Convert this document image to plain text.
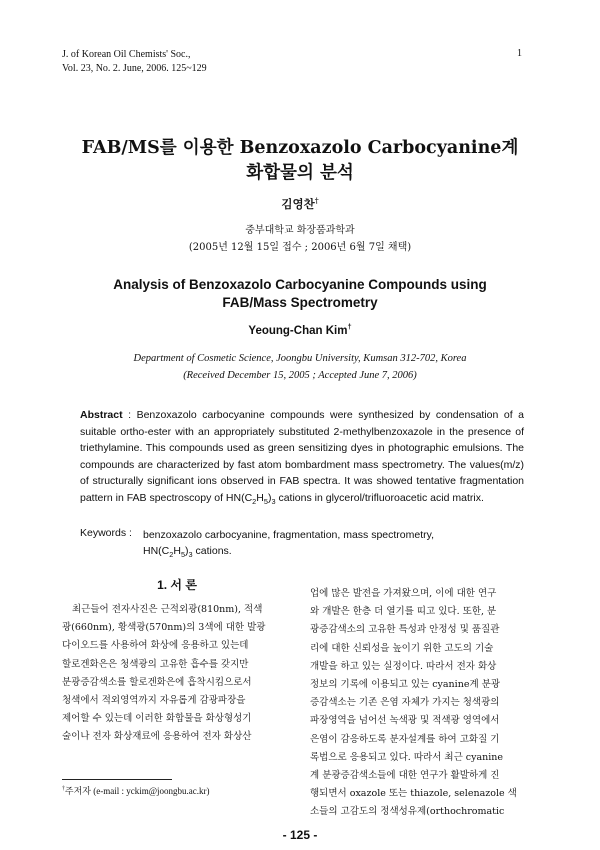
J. of Korean Oil Chemists' Soc.,
Vol. 23, No. 2. June, 2006. 125~129
1
FAB/MS를 이용한 Benzoxazolo Carbocyanine계
화합물의 분석
김영찬†
중부대학교 화장품과학과
(2005년 12월 15일 접수 ; 2006년 6월 7일 채택)
Analysis of Benzoxazolo Carbocyanine Compounds using
FAB/Mass Spectrometry
Yeoung-Chan Kim†
Department of Cosmetic Science, Joongbu University, Kumsan 312-702, Korea
(Received December 15, 2005 ; Accepted June 7, 2006)
Abstract : Benzoxazolo carbocyanine compounds were synthesized by condensation of a suitable ortho-ester with an appropriately substituted 2-methylbenzoxazole in the presence of triethylamine. This compounds used as green sensitizing dyes in photographic emulsions. The compounds are characterized by fast atom bombardment mass spectrometry. The values(m/z) of structurally significant ions observed in FAB spectra. It was showed tentative fragmentation pattern in FAB spectroscopy of $HN(C_2H_5)_3$ cations in glycerol/trifluoroacetic acid matrix.
Keywords : benzoxazolo carbocyanine, fragmentation, mass spectrometry,
$HN(C_2H_5)_3$ cations.
1. 서 론
최근들어 전자사진은 근적외광(810nm), 적색
광(660nm), 황색광(570nm)의 3색에 대한 발광
다이오드를 사용하여 화상에 응용하고 있는데
할로겐화은은 청색광의 고유한 흡수를 갖지만
분광증감색소를 할로겐화은에 흡착시킴으로서
청색에서 적외영역까지 자유롭게 감광파장을
제어할 수 있는데 이러한 화합물을 화상형성기
술이나 전자 화상재료에 응용하여 전자 화상산
업에 많은 발전을 가져왔으며, 이에 대한 연구
와 개발은 한층 더 열기를 띠고 있다. 또한, 분
광증감색소의 고유한 특성과 안정성 및 품질관
리에 대한 신뢰성을 높이기 위한 고도의 기술
개발을 하고 있는 실정이다. 따라서 전자 화상
정보의 기록에 이용되고 있는 cyanine계 분광
증감색소는 기존 은염 자체가 가지는 청색광의
파장영역을 넘어선 녹색광 및 적색광 영역에서
은염이 감응하도록 분자설계를 하여 고화질 기
록법으로 응용되고 있다. 따라서 최근 cyanine
계 분광증감색소들에 대한 연구가 활발하게 진
행되면서 oxazole 또는 thiazole, selenazole 색
소들의 고감도의 정색성유제(orthochromatic
†주저자 (e-mail : yckim@joongbu.ac.kr)
- 125 -
